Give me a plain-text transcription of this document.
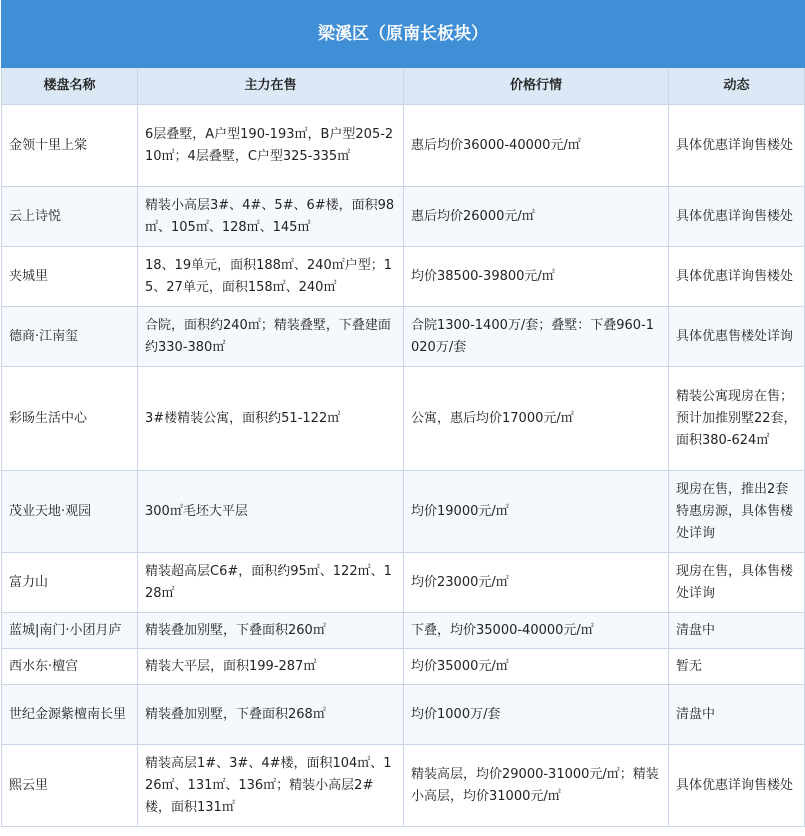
梁溪区（原南长板块）			
楼盘名称	主力在售	价格行情	动态
金领十里上棠	6层叠墅，A户型190-193㎡，B户型205-210㎡；4层叠墅，C户型325-335㎡	惠后均价36000-40000元/㎡	具体优惠详询售楼处
云上诗悦	精装小高层3#、4#、5#、6#楼，面积98㎡、105㎡、128㎡、145㎡	惠后均价26000元/㎡	具体优惠详询售楼处
夹城里	18、19单元，面积188㎡、240㎡户型；15、27单元，面积158㎡、240㎡	均价38500-39800元/㎡	具体优惠详询售楼处
德商·江南玺	合院，面积约240㎡；精装叠墅，下叠建面约330-380㎡	合院1300-1400万/套；叠墅：下叠960-1020万/套	具体优惠售楼处详询
彩旸生活中心	3#楼精装公寓，面积约51-122㎡	公寓，惠后均价17000元/㎡	精装公寓现房在售；预计加推别墅22套，面积380-624㎡
茂业天地·观园	300㎡毛坯大平层	均价19000元/㎡	现房在售，推出2套特惠房源，具体售楼处详询
富力山	精装超高层C6#，面积约95㎡、122㎡、128㎡	均价23000元/㎡	现房在售，具体售楼处详询
蓝城|南门·小团月庐	精装叠加别墅，下叠面积260㎡	下叠，均价35000-40000元/㎡	清盘中
西水东·檀宫	精装大平层，面积199-287㎡	均价35000元/㎡	暂无
世纪金源紫檀南长里	精装叠加别墅，下叠面积268㎡	均价1000万/套	清盘中
熙云里	精装高层1#、3#、4#楼，面积104㎡、126㎡、131㎡、136㎡；精装小高层2#楼，面积131㎡	精装高层，均价29000-31000元/㎡；精装小高层，均价31000元/㎡	具体优惠详询售楼处
